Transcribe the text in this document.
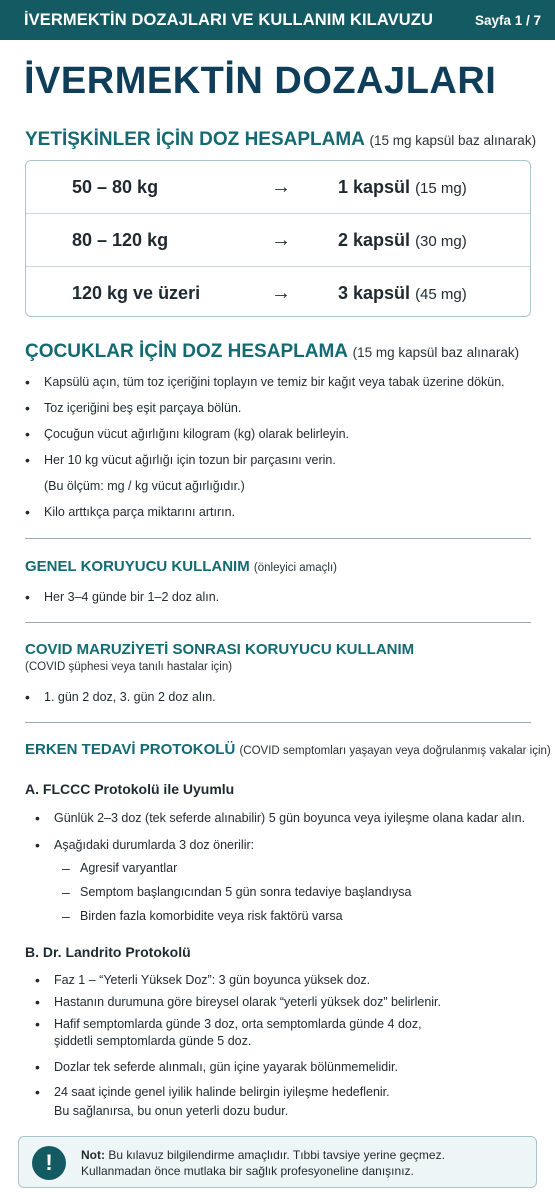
İVERMEKTİN DOZAJLARI VE KULLANIM KILAVUZU	Sayfa 1 / 7
İVERMEKTİN DOZAJLARI
YETİŞKİNLER İÇİN DOZ HESAPLAMA (15 mg kapsül baz alınarak)
50 – 80 kg	→	1 kapsül (15 mg)
80 – 120 kg	→	2 kapsül (30 mg)
120 kg ve üzeri	→	3 kapsül (45 mg)
ÇOCUKLAR İÇİN DOZ HESAPLAMA (15 mg kapsül baz alınarak)
• Kapsülü açın, tüm toz içeriğini toplayın ve temiz bir kağıt veya tabak üzerine dökün.
• Toz içeriğini beş eşit parçaya bölün.
• Çocuğun vücut ağırlığını kilogram (kg) olarak belirleyin.
• Her 10 kg vücut ağırlığı için tozun bir parçasını verin.
(Bu ölçüm: mg / kg vücut ağırlığıdır.)
• Kilo arttıkça parça miktarını artırın.
GENEL KORUYUCU KULLANIM (önleyici amaçlı)
• Her 3–4 günde bir 1–2 doz alın.
COVID MARUZİYETİ SONRASI KORUYUCU KULLANIM
(COVID şüphesi veya tanılı hastalar için)
• 1. gün 2 doz, 3. gün 2 doz alın.
ERKEN TEDAVİ PROTOKOLÜ (COVID semptomları yaşayan veya doğrulanmış vakalar için)
A. FLCCC Protokolü ile Uyumlu
• Günlük 2–3 doz (tek seferde alınabilir) 5 gün boyunca veya iyileşme olana kadar alın.
• Aşağıdaki durumlarda 3 doz önerilir:
– Agresif varyantlar
– Semptom başlangıcından 5 gün sonra tedaviye başlandıysa
– Birden fazla komorbidite veya risk faktörü varsa
B. Dr. Landrito Protokolü
• Faz 1 – “Yeterli Yüksek Doz”: 3 gün boyunca yüksek doz.
• Hastanın durumuna göre bireysel olarak “yeterli yüksek doz” belirlenir.
• Hafif semptomlarda günde 3 doz, orta semptomlarda günde 4 doz,
şiddetli semptomlarda günde 5 doz.
• Dozlar tek seferde alınmalı, gün içine yayarak bölünmemelidir.
• 24 saat içinde genel iyilik halinde belirgin iyileşme hedeflenir.
Bu sağlanırsa, bu onun yeterli dozu budur.
!	Not: Bu kılavuz bilgilendirme amaçlıdır. Tıbbi tavsiye yerine geçmez.
Kullanmadan önce mutlaka bir sağlık profesyoneline danışınız.
